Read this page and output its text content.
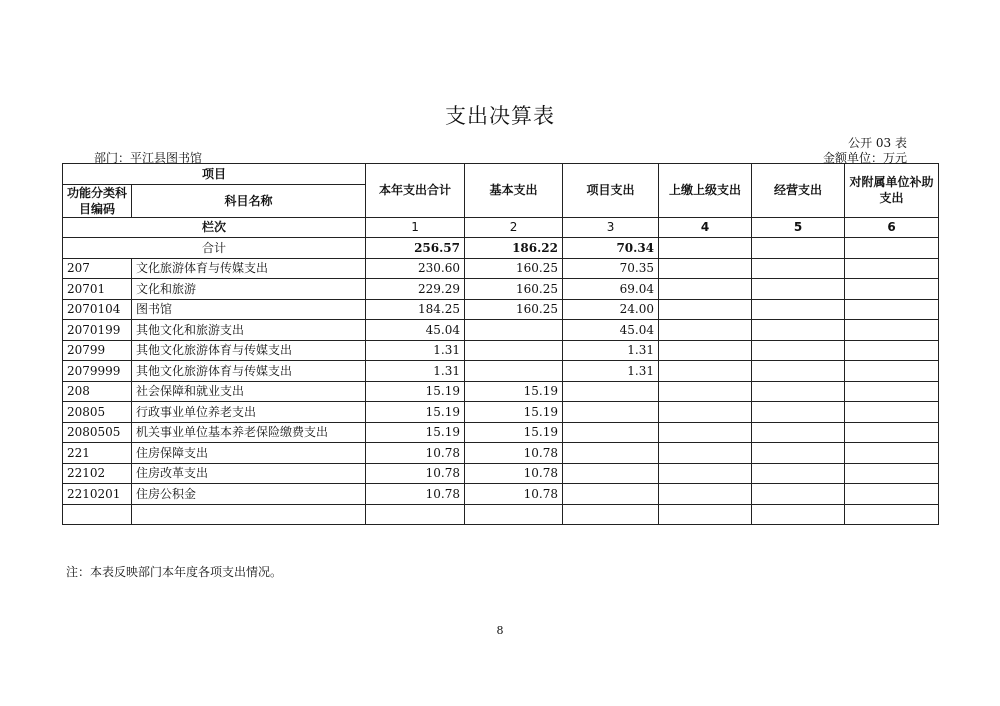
支出决算表
公开 03 表
部门：平江县图书馆	金额单位：万元
项目		本年支出合计	基本支出	项目支出	上缴上级支出	经营支出	对附属单位补助支出
功能分类科目编码	科目名称						
栏次		1	2	3	4	5	6
合计		256.57	186.22	70.34			
207	文化旅游体育与传媒支出	230.60	160.25	70.35			
20701	文化和旅游	229.29	160.25	69.04			
2070104	图书馆	184.25	160.25	24.00			
2070199	其他文化和旅游支出	45.04		45.04			
20799	其他文化旅游体育与传媒支出	1.31		1.31			
2079999	其他文化旅游体育与传媒支出	1.31		1.31			
208	社会保障和就业支出	15.19	15.19				
20805	行政事业单位养老支出	15.19	15.19				
2080505	机关事业单位基本养老保险缴费支出	15.19	15.19				
221	住房保障支出	10.78	10.78				
22102	住房改革支出	10.78	10.78				
2210201	住房公积金	10.78	10.78				

注：本表反映部门本年度各项支出情况。
8
